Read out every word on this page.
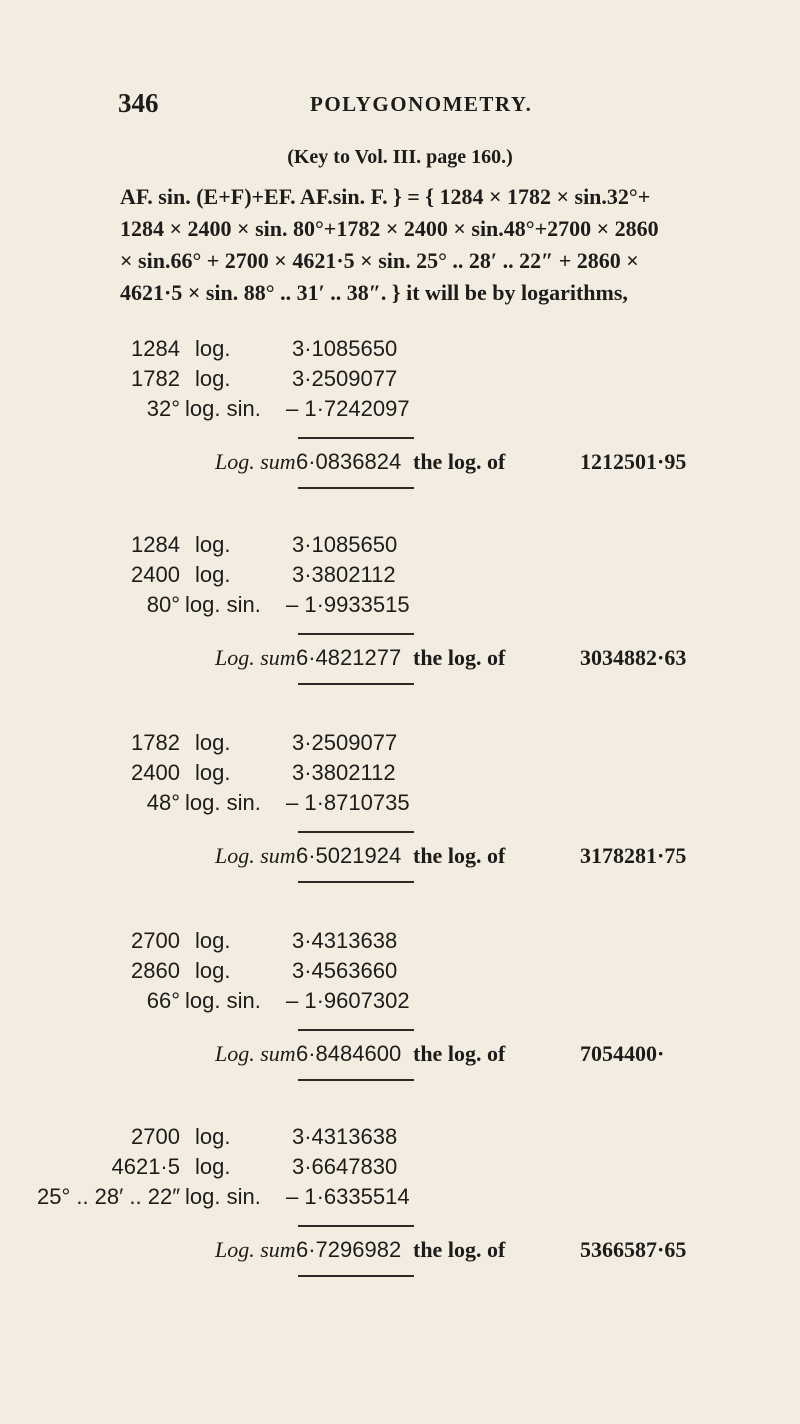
346	POLYGONOMETRY.
(Key to Vol. III. page 160.)
AF. sin. (E+F)+EF. AF.sin. F. } = { 1284 × 1782 × sin.32°+
1284 × 2400 × sin. 80°+1782 × 2400 × sin.48°+2700 × 2860
× sin.66° + 2700 × 4621·5 × sin. 25° .. 28′ .. 22″ + 2860 ×
4621·5 × sin. 88° .. 31′ .. 38″. } it will be by logarithms,
1284 log.	3·1085650
1782 log.	3·2509077
32° log. sin. – 1·7242097
Log. sum 6·0836824 the log. of	1212501·95
1284 log.	3·1085650
2400 log.	3·3802112
80° log. sin. – 1·9933515
Log. sum 6·4821277 the log. of	3034882·63
1782 log.	3·2509077
2400 log.	3·3802112
48° log. sin. – 1·8710735
Log. sum 6·5021924 the log. of	3178281·75
2700 log.	3·4313638
2860 log.	3·4563660
66° log. sin. – 1·9607302
Log. sum 6·8484600 the log. of	7054400·
2700 log.	3·4313638
4621·5 log.	3·6647830
25° .. 28′ .. 22″ log. sin. – 1·6335514
Log. sum 6·7296982 the log. of	5366587·65
